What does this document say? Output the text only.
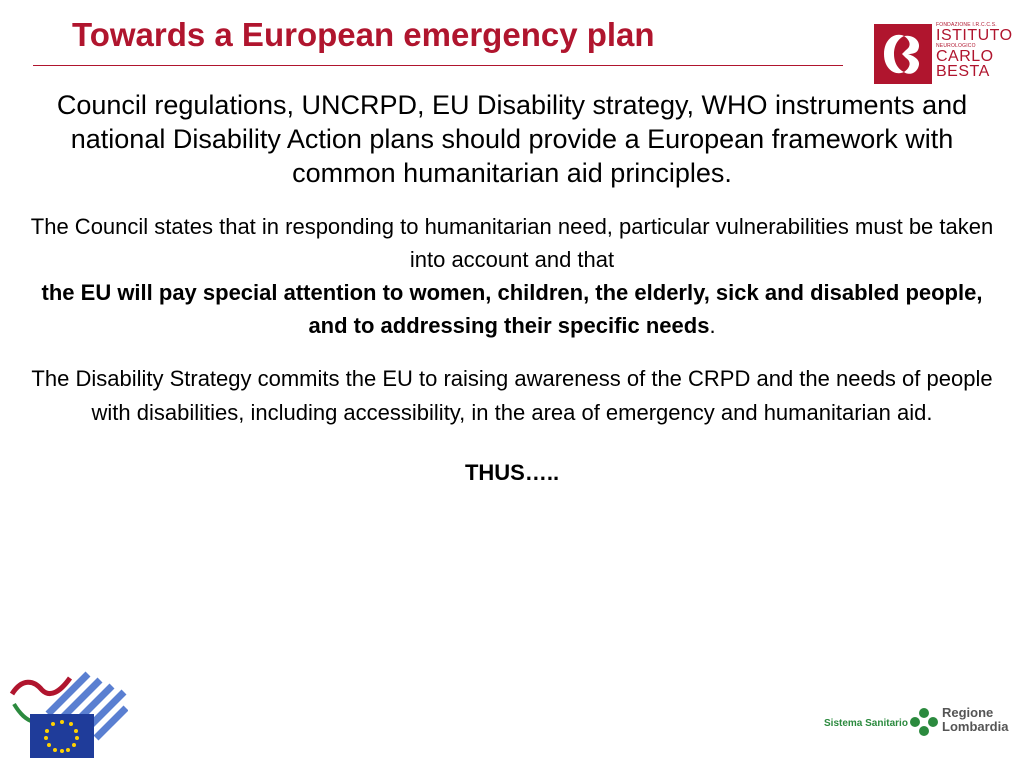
Towards a European emergency plan	FONDAZIONE I.R.C.C.S.
ISTITUTO
NEUROLOGICO
CARLO
BESTA

Council regulations, UNCRPD, EU Disability strategy, WHO instruments and national Disability Action plans should provide a European framework with common humanitarian aid principles.

The Council states that in responding to humanitarian need, particular vulnerabilities must be taken into account and that
the EU will pay special attention to women, children, the elderly, sick and disabled people, and to addressing their specific needs.

The Disability Strategy commits the EU to raising awareness of the CRPD and the needs of people with disabilities, including accessibility, in the area of emergency and humanitarian aid.

THUS…..

Sistema Sanitario
Regione
Lombardia
